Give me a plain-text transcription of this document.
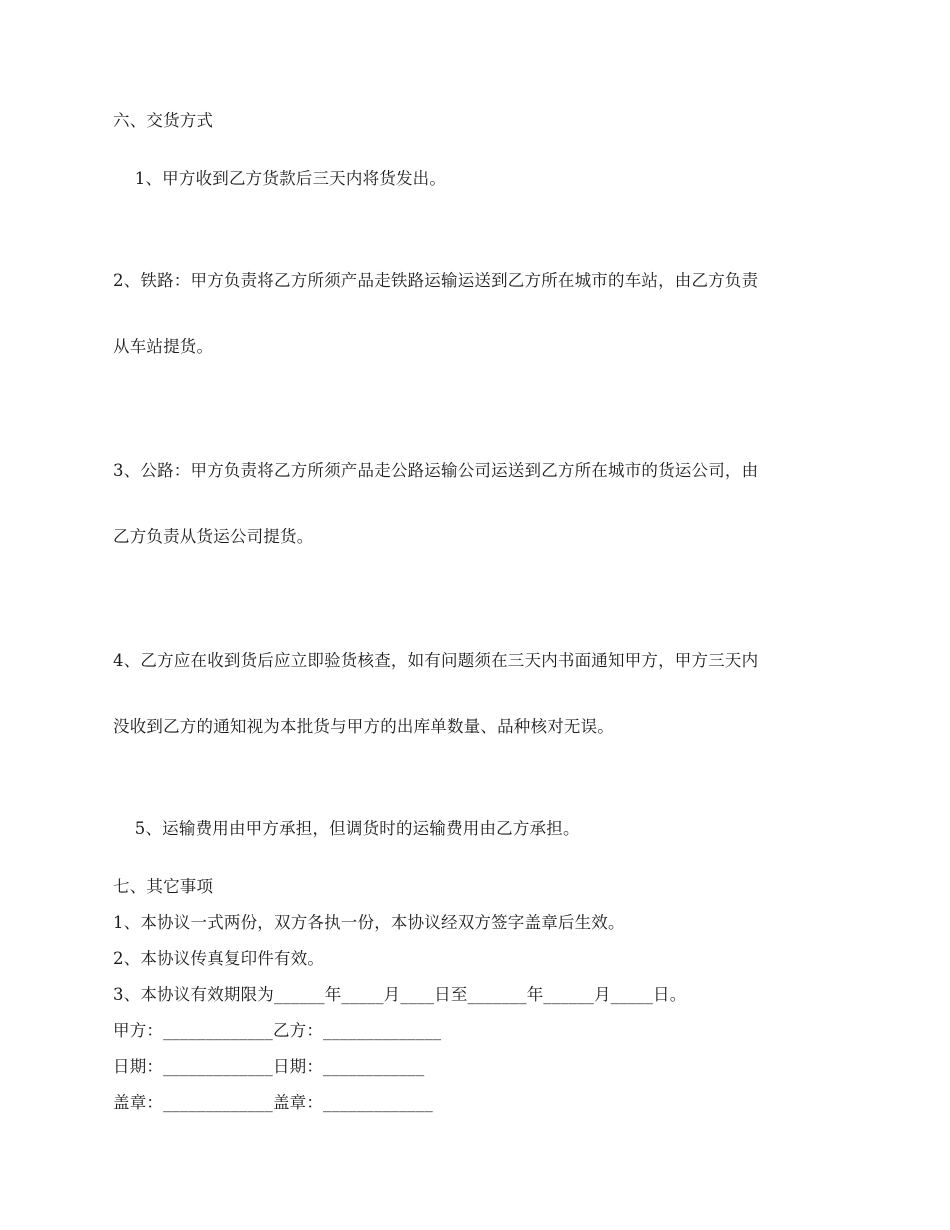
六、交货方式

1、甲方收到乙方货款后三天内将货发出。

2、铁路：甲方负责将乙方所须产品走铁路运输运送到乙方所在城市的车站，由乙方负责

从车站提货。

3、公路：甲方负责将乙方所须产品走公路运输公司运送到乙方所在城市的货运公司，由

乙方负责从货运公司提货。

4、乙方应在收到货后应立即验货核查，如有问题须在三天内书面通知甲方，甲方三天内

没收到乙方的通知视为本批货与甲方的出库单数量、品种核对无误。

5、运输费用由甲方承担，但调货时的运输费用由乙方承担。

七、其它事项
1、本协议一式两份，双方各执一份，本协议经双方签字盖章后生效。
2、本协议传真复印件有效。
3、本协议有效期限为______年_____月____日至_______年______月_____日。
甲方：_____________乙方：______________
日期：_____________日期：____________
盖章：_____________盖章：_____________
